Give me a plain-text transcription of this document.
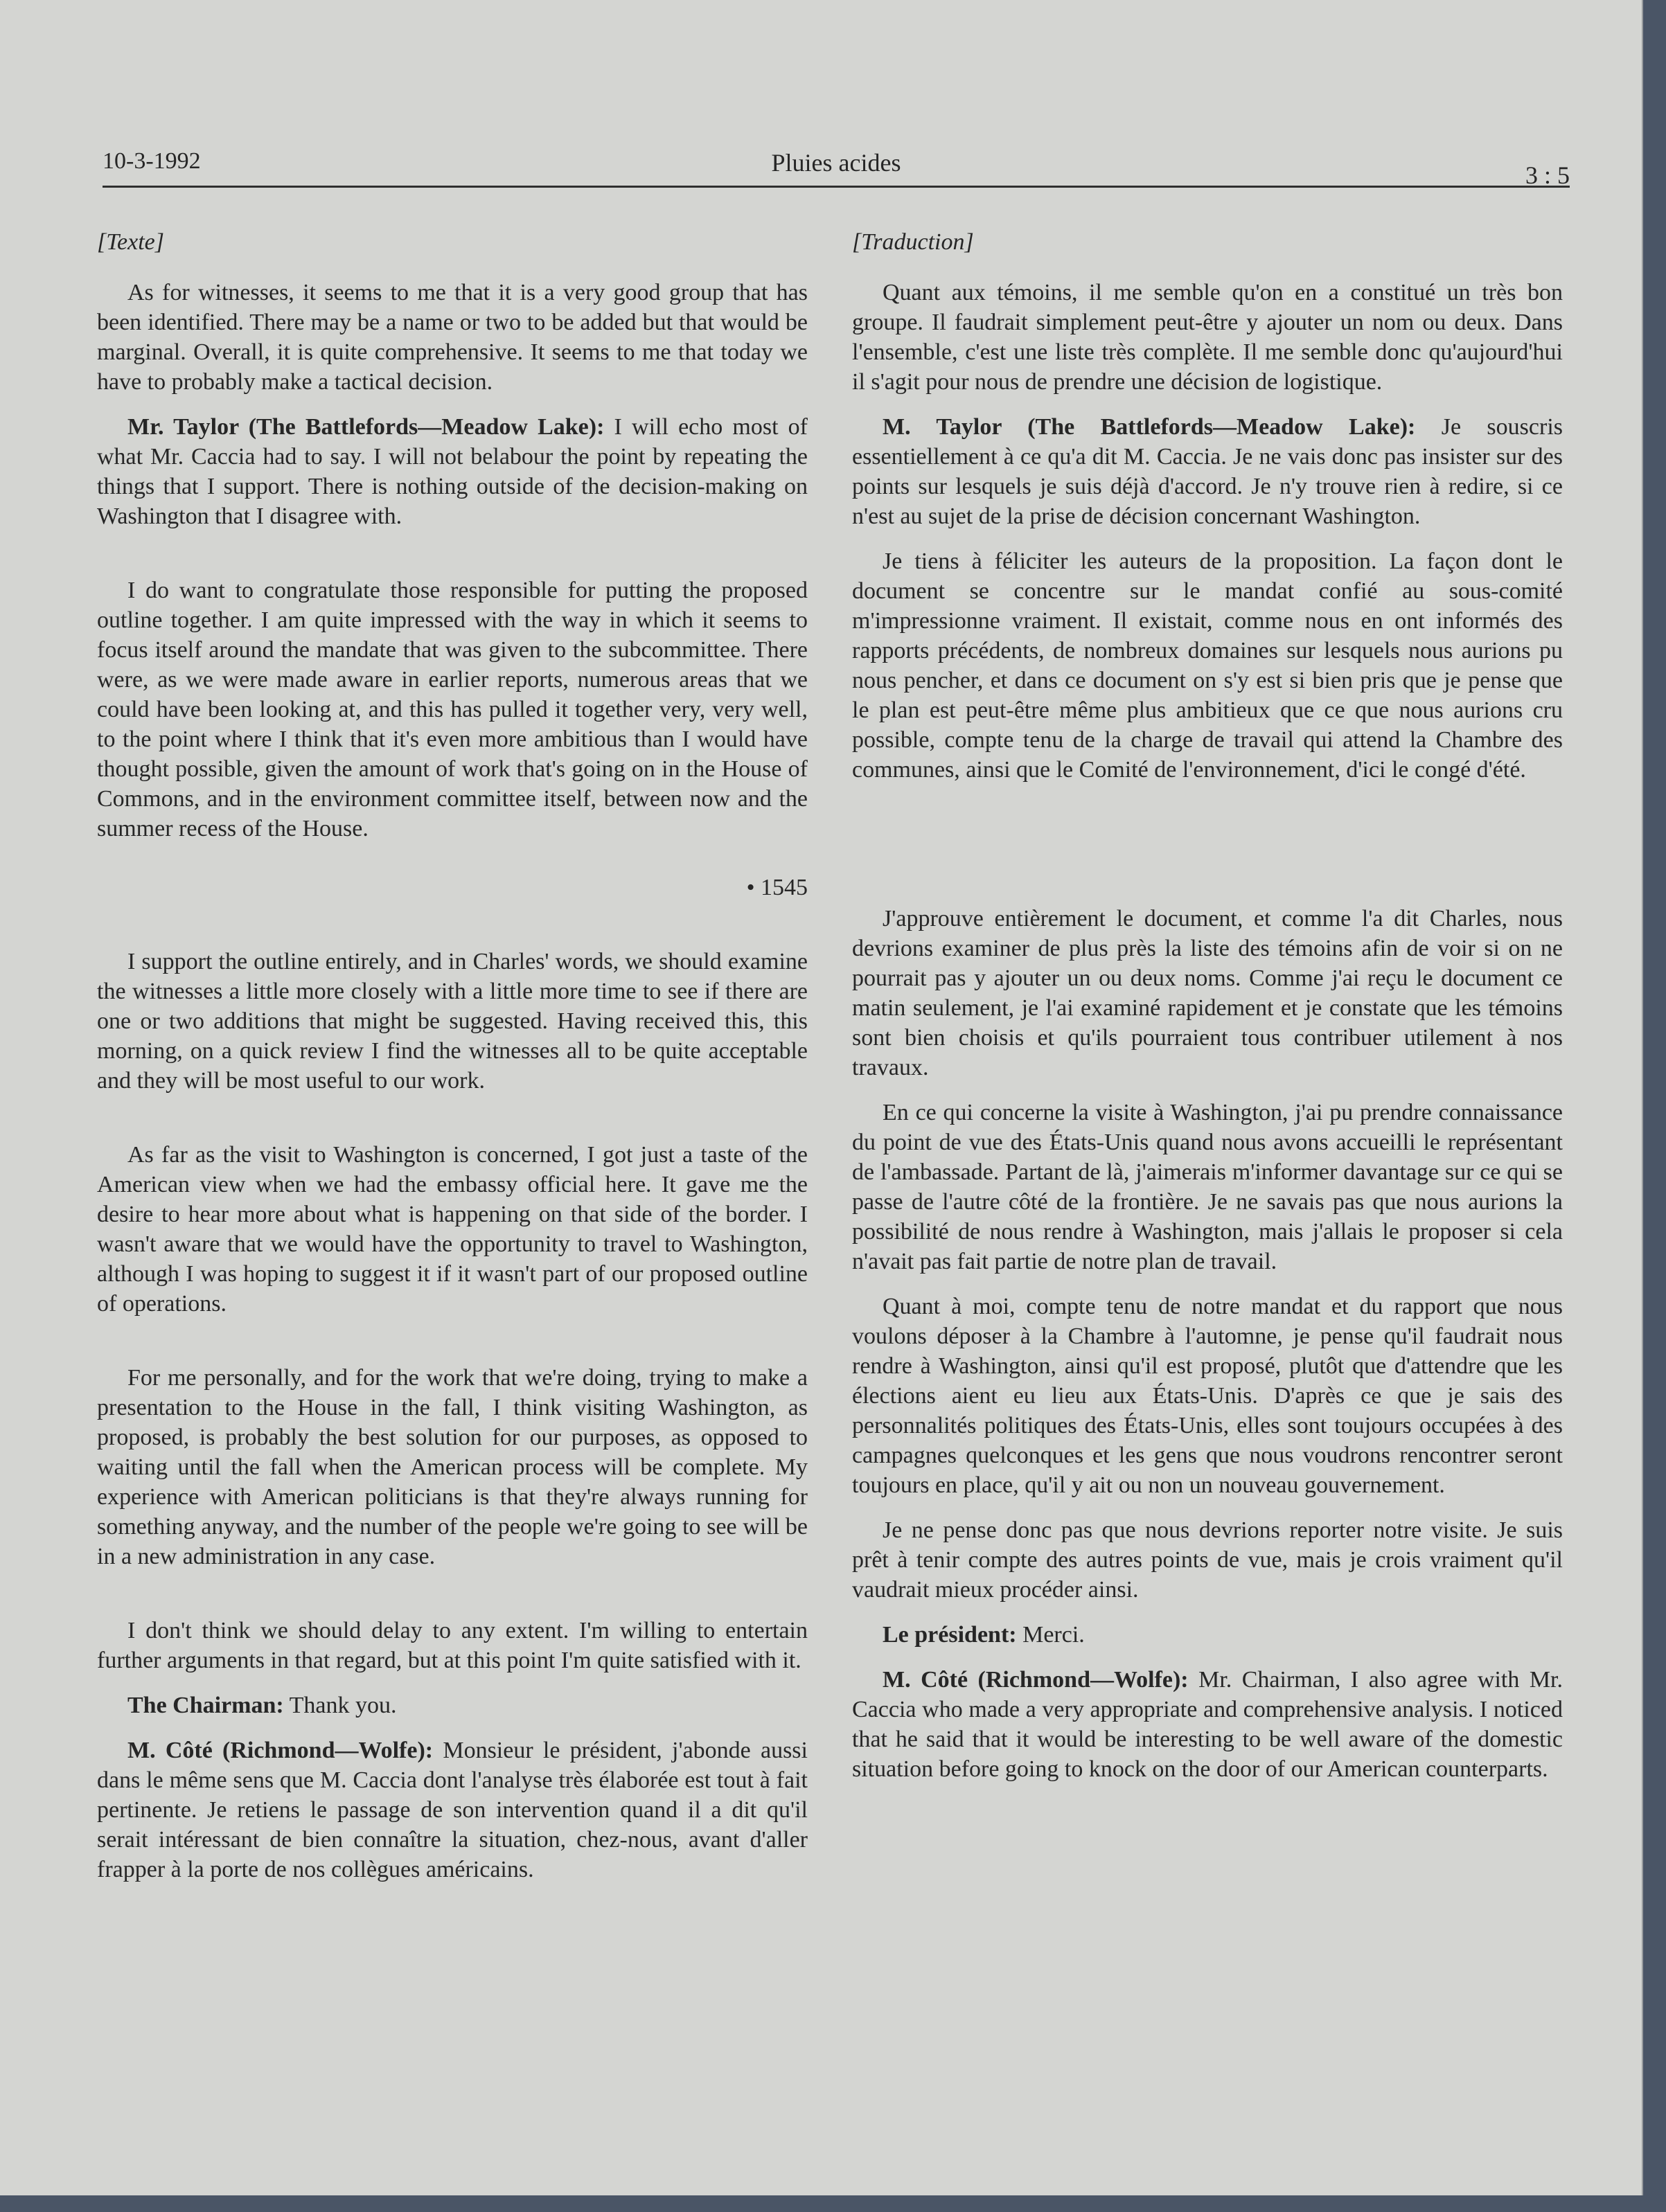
10-3-1992	Pluies acides	3 : 5
[Texte]

As for witnesses, it seems to me that it is a very good group that has been identified. There may be a name or two to be added but that would be marginal. Overall, it is quite comprehensive. It seems to me that today we have to probably make a tactical decision.

Mr. Taylor (The Battlefords—Meadow Lake): I will echo most of what Mr. Caccia had to say. I will not belabour the point by repeating the things that I support. There is nothing outside of the decision-making on Washington that I disagree with.

I do want to congratulate those responsible for putting the proposed outline together. I am quite impressed with the way in which it seems to focus itself around the mandate that was given to the subcommittee. There were, as we were made aware in earlier reports, numerous areas that we could have been looking at, and this has pulled it together very, very well, to the point where I think that it's even more ambitious than I would have thought possible, given the amount of work that's going on in the House of Commons, and in the environment committee itself, between now and the summer recess of the House.

• 1545

I support the outline entirely, and in Charles' words, we should examine the witnesses a little more closely with a little more time to see if there are one or two additions that might be suggested. Having received this, this morning, on a quick review I find the witnesses all to be quite acceptable and they will be most useful to our work.

As far as the visit to Washington is concerned, I got just a taste of the American view when we had the embassy official here. It gave me the desire to hear more about what is happening on that side of the border. I wasn't aware that we would have the opportunity to travel to Washington, although I was hoping to suggest it if it wasn't part of our proposed outline of operations.

For me personally, and for the work that we're doing, trying to make a presentation to the House in the fall, I think visiting Washington, as proposed, is probably the best solution for our purposes, as opposed to waiting until the fall when the American process will be complete. My experience with American politicians is that they're always running for something anyway, and the number of the people we're going to see will be in a new administration in any case.

I don't think we should delay to any extent. I'm willing to entertain further arguments in that regard, but at this point I'm quite satisfied with it.

The Chairman: Thank you.

M. Côté (Richmond—Wolfe): Monsieur le président, j'abonde aussi dans le même sens que M. Caccia dont l'analyse très élaborée est tout à fait pertinente. Je retiens le passage de son intervention quand il a dit qu'il serait intéressant de bien connaître la situation, chez-nous, avant d'aller frapper à la porte de nos collègues américains.

[Traduction]

Quant aux témoins, il me semble qu'on en a constitué un très bon groupe. Il faudrait simplement peut-être y ajouter un nom ou deux. Dans l'ensemble, c'est une liste très complète. Il me semble donc qu'aujourd'hui il s'agit pour nous de prendre une décision de logistique.

M. Taylor (The Battlefords—Meadow Lake): Je souscris essentiellement à ce qu'a dit M. Caccia. Je ne vais donc pas insister sur des points sur lesquels je suis déjà d'accord. Je n'y trouve rien à redire, si ce n'est au sujet de la prise de décision concernant Washington.

Je tiens à féliciter les auteurs de la proposition. La façon dont le document se concentre sur le mandat confié au sous-comité m'impressionne vraiment. Il existait, comme nous en ont informés des rapports précédents, de nombreux domaines sur lesquels nous aurions pu nous pencher, et dans ce document on s'y est si bien pris que je pense que le plan est peut-être même plus ambitieux que ce que nous aurions cru possible, compte tenu de la charge de travail qui attend la Chambre des communes, ainsi que le Comité de l'environnement, d'ici le congé d'été.

J'approuve entièrement le document, et comme l'a dit Charles, nous devrions examiner de plus près la liste des témoins afin de voir si on ne pourrait pas y ajouter un ou deux noms. Comme j'ai reçu le document ce matin seulement, je l'ai examiné rapidement et je constate que les témoins sont bien choisis et qu'ils pourraient tous contribuer utilement à nos travaux.

En ce qui concerne la visite à Washington, j'ai pu prendre connaissance du point de vue des États-Unis quand nous avons accueilli le représentant de l'ambassade. Partant de là, j'aimerais m'informer davantage sur ce qui se passe de l'autre côté de la frontière. Je ne savais pas que nous aurions la possibilité de nous rendre à Washington, mais j'allais le proposer si cela n'avait pas fait partie de notre plan de travail.

Quant à moi, compte tenu de notre mandat et du rapport que nous voulons déposer à la Chambre à l'automne, je pense qu'il faudrait nous rendre à Washington, ainsi qu'il est proposé, plutôt que d'attendre que les élections aient eu lieu aux États-Unis. D'après ce que je sais des personnalités politiques des États-Unis, elles sont toujours occupées à des campagnes quelconques et les gens que nous voudrons rencontrer seront toujours en place, qu'il y ait ou non un nouveau gouvernement.

Je ne pense donc pas que nous devrions reporter notre visite. Je suis prêt à tenir compte des autres points de vue, mais je crois vraiment qu'il vaudrait mieux procéder ainsi.

Le président: Merci.

M. Côté (Richmond—Wolfe): Mr. Chairman, I also agree with Mr. Caccia who made a very appropriate and comprehensive analysis. I noticed that he said that it would be interesting to be well aware of the domestic situation before going to knock on the door of our American counterparts.
